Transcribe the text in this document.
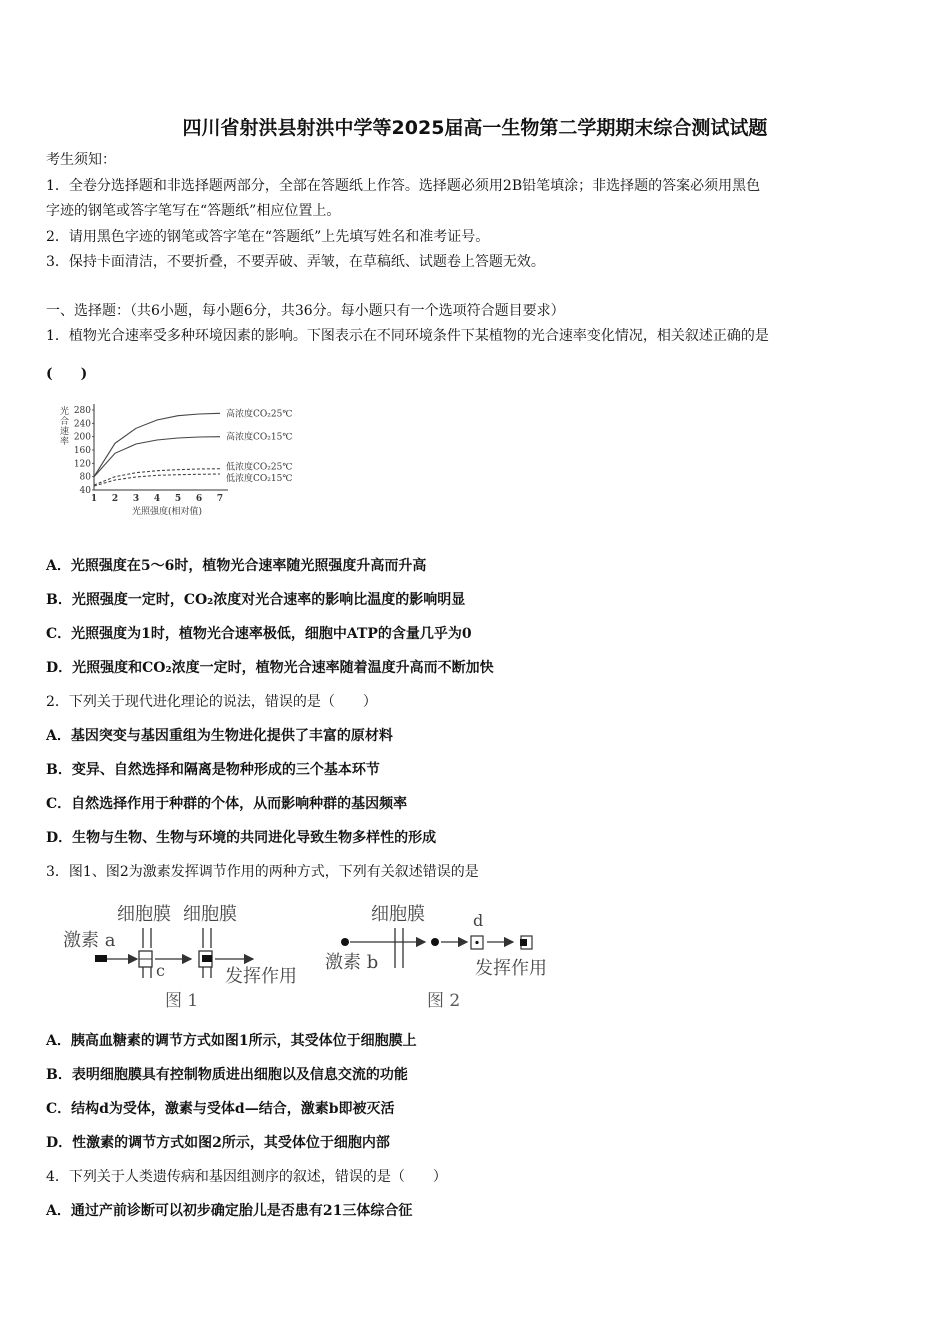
四川省射洪县射洪中学等2025届高一生物第二学期期末综合测试试题
考生须知：
1．全卷分选择题和非选择题两部分，全部在答题纸上作答。选择题必须用2B铅笔填涂；非选择题的答案必须用黑色
字迹的钢笔或答字笔写在“答题纸”相应位置上。
2．请用黑色字迹的钢笔或答字笔在“答题纸”上先填写姓名和准考证号。
3．保持卡面清洁，不要折叠，不要弄破、弄皱，在草稿纸、试题卷上答题无效。
一、选择题：（共6小题，每小题6分，共36分。每小题只有一个选项符合题目要求）
1．植物光合速率受多种环境因素的影响。下图表示在不同环境条件下某植物的光合速率变化情况，相关叙述正确的是
(　　)
光
合
速
率
40
80
120
160
200
240
280
1 2 3 4 5 6 7
光照强度(相对值)
高浓度CO₂25℃
高浓度CO₂15℃
低浓度CO₂25℃
低浓度CO₂15℃
A．光照强度在5～6时，植物光合速率随光照强度升高而升高
B．光照强度一定时，CO₂浓度对光合速率的影响比温度的影响明显
C．光照强度为1时，植物光合速率极低，细胞中ATP的含量几乎为0
D．光照强度和CO₂浓度一定时，植物光合速率随着温度升高而不断加快
2．下列关于现代进化理论的说法，错误的是（　　）
A．基因突变与基因重组为生物进化提供了丰富的原材料
B．变异、自然选择和隔离是物种形成的三个基本环节
C．自然选择作用于种群的个体，从而影响种群的基因频率
D．生物与生物、生物与环境的共同进化导致生物多样性的形成
3．图1、图2为激素发挥调节作用的两种方式，下列有关叙述错误的是
细胞膜 细胞膜
激素 a
c	发挥作用
图 1
细胞膜	d
激素 b	发挥作用
图 2
A．胰高血糖素的调节方式如图1所示，其受体位于细胞膜上
B．表明细胞膜具有控制物质进出细胞以及信息交流的功能
C．结构d为受体，激素与受体d—结合，激素b即被灭活
D．性激素的调节方式如图2所示，其受体位于细胞内部
4．下列关于人类遗传病和基因组测序的叙述，错误的是（　　）
A．通过产前诊断可以初步确定胎儿是否患有21三体综合征
